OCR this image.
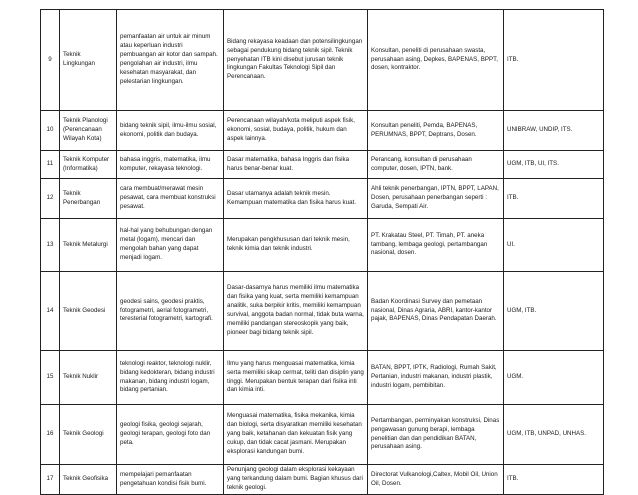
9	Teknik Lingkungan	pemanfaatan air untuk air minum atau keperluan industri pembuangan air kotor dan sampah. pengolahan air industri, ilmu kesehatan masyarakat, dan pelestarian lingkungan.	Bidang rekayasa keadaan dan potensilingkungan sebagai pendukung bidang teknik sipil. Teknik penyehatan ITB kini disebut jurusan teknik lingkungan Fakultas Teknologi Sipil dan Perencanaan.	Konsultan, peneliti di perusahaan swasta, perusahaan asing, Depkes, BAPENAS, BPPT, dosen, kontraktor.	ITB.
10	Teknik Planologi (Perencanaan Wilayah Kota)	bidang teknik sipil, ilmu-ilmu sosial, ekonomi, politik dan budaya.	Perencanaan wilayah/kota meliputi aspek fisik, ekonomi, sosial, budaya, politik, hukum dan aspek lainnya.	Konsultan peneliti, Pemda, BAPENAS, PERUMNAS, BPPT, Deptrans, Dosen.	UNIBRAW, UNDIP, ITS.
11	Teknik Komputer (Informatika)	bahasa inggris, matematika, ilmu komputer, rekayasa teknologi.	Dasar matematika, bahasa Inggris dan fisika harus benar-benar kuat.	Perancang, konsultan di perusahaan computer, dosen, IPTN, bank.	UGM, ITB, UI, ITS.
12	Teknik Penerbangan	cara membuat/merawat mesin pesawat, cara membuat konstruksi pesawat.	Dasar utamanya adalah teknik mesin. Kemampuan matematika dan fisika harus kuat.	Ahli teknik penerbangan, IPTN, BPPT, LAPAN, Dosen, perusahaan penerbangan seperti : Garuda, Sempati Air.	ITB.
13	Teknik Metalurgi	hal-hal yang behubungan dengan metal (logam), mencari dan mengolah bahan yang dapat menjadi logam.	Merupakan pengkhususan dari teknik mesin, teknik kimia dan teknik industri.	PT. Krakatau Steel, PT. Timah, PT. aneka tambang, lembaga geologi, pertambangan nasional, dosen.	UI.
14	Teknik Geodesi	geodesi sains, geodesi praktis, fotogrametri, aerial fotogrametri, teresterial fotogrametri, kartografi.	Dasar-dasarnya harus memiliki ilmu matematika dan fisika yang kuat, serta memiliki kemampuan analitik, suka berpikir kritis, memiliki kemampuan survival, anggota badan normal, tidak buta warna, memiliki pandangan stereoskopik yang baik, pioneer bagi bidang teknik sipil.	Badan Koordinasi Survey dan pemetaan nasional, Dinas Agraria, ABRI, kantor-kantor pajak, BAPENAS, Dinas Pendapatan Daerah.	UGM, ITB.
15	Teknik Nuklir	teknologi reaktor, teknologi nuklir, bidang kedokteran, bidang industri makanan, bidang industri logam, bidang pertanian.	Ilmu yang harus menguasai matematika, kimia serta memiliki sikap cermat, teliti dan disiplin yang tinggi. Merupakan bentuk terapan dari fisika inti dan kimia inti.	BATAN, BPPT, IPTK, Radiologi, Rumah Sakit, Pertanian, industri makanan, industri plastik, industri logam, pembibitan.	UGM.
16	Teknik Geologi	geologi fisika, geologi sejarah, geologi terapan, geologi foto dan peta.	Menguasai matematika, fisika mekanika, kimia dan biologi, serta disyaratkan memiliki kesehatan yang baik, ketahanan dan kekuatan fisik yang cukup, dan tidak cacat jasmani. Merupakan eksplorasi kandungan bumi.	Pertambangan, perminyakan konstruksi, Dinas pengawasan gunung berapi, lembaga penelitian dan dan pendidikan BATAN, perusahaan asing.	UGM, ITB, UNPAD, UNHAS.
17	Teknik Geofisika	mempelajari pemanfaatan pengetahuan kondisi fisik bumi.	Penunjang geologi dalam eksplorasi kekayaan yang terkandung dalam bumi. Bagian khusus dari teknik geologi.	Directorat Vulkanologi,Caltex, Mobil Oil, Union Oil, Dosen.	ITB.
